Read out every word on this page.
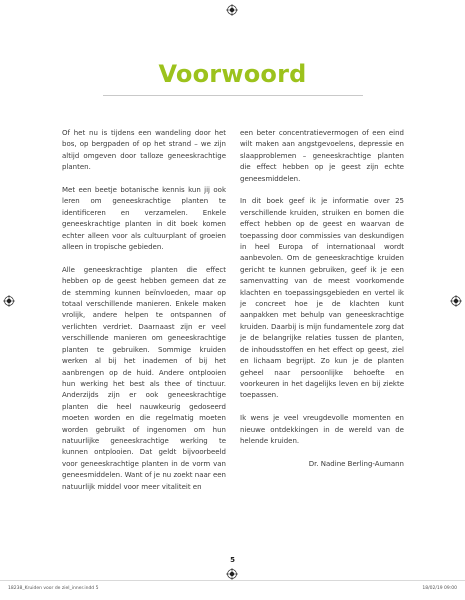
Voorwoord

Of het nu is tijdens een wandeling door het bos, op bergpaden of op het strand – we zijn altijd omgeven door talloze geneeskrachtige planten.

Met een beetje botanische kennis kun jij ook leren om geneeskrachtige planten te identificeren en verzamelen. Enkele geneeskrachtige planten in dit boek komen echter alleen voor als cultuurplant of groeien alleen in tropische gebieden.

Alle geneeskrachtige planten die effect hebben op de geest hebben gemeen dat ze de stemming kunnen beïnvloeden, maar op totaal verschillende manieren. Enkele maken vrolijk, andere helpen te ontspannen of verlichten verdriet. Daarnaast zijn er veel verschillende manieren om geneeskrachtige planten te gebruiken. Sommige kruiden werken al bij het inademen of bij het aanbrengen op de huid. Andere ontplooien hun werking het best als thee of tinctuur. Anderzijds zijn er ook geneeskrachtige planten die heel nauwkeurig gedoseerd moeten worden en die regelmatig moeten worden gebruikt of ingenomen om hun natuurlijke geneeskrachtige werking te kunnen ontplooien. Dat geldt bijvoorbeeld voor geneeskrachtige planten in de vorm van geneesmiddelen. Want of je nu zoekt naar een natuurlijk middel voor meer vitaliteit en

een beter concentratievermogen of een eind wilt maken aan angstgevoelens, depressie en slaapproblemen – geneeskrachtige planten die effect hebben op je geest zijn echte geneesmiddelen.

In dit boek geef ik je informatie over 25 verschillende kruiden, struiken en bomen die effect hebben op de geest en waarvan de toepassing door commissies van deskundigen in heel Europa of internationaal wordt aanbevolen. Om de geneeskrachtige kruiden gericht te kunnen gebruiken, geef ik je een samenvatting van de meest voorkomende klachten en toepassingsgebieden en vertel ik je concreet hoe je de klachten kunt aanpakken met behulp van geneeskrachtige kruiden. Daarbij is mijn fundamentele zorg dat je de belangrijke relaties tussen de planten, de inhoudsstoffen en het effect op geest, ziel en lichaam begrijpt. Zo kun je de planten geheel naar persoonlijke behoefte en voorkeuren in het dagelijks leven en bij ziekte toepassen.

Ik wens je veel vreugdevolle momenten en nieuwe ontdekkingen in de wereld van de helende kruiden.

Dr. Nadine Berling-Aumann

5
18238_Kruiden voor de ziel_inner.indd 5	18/02/19 09:00
